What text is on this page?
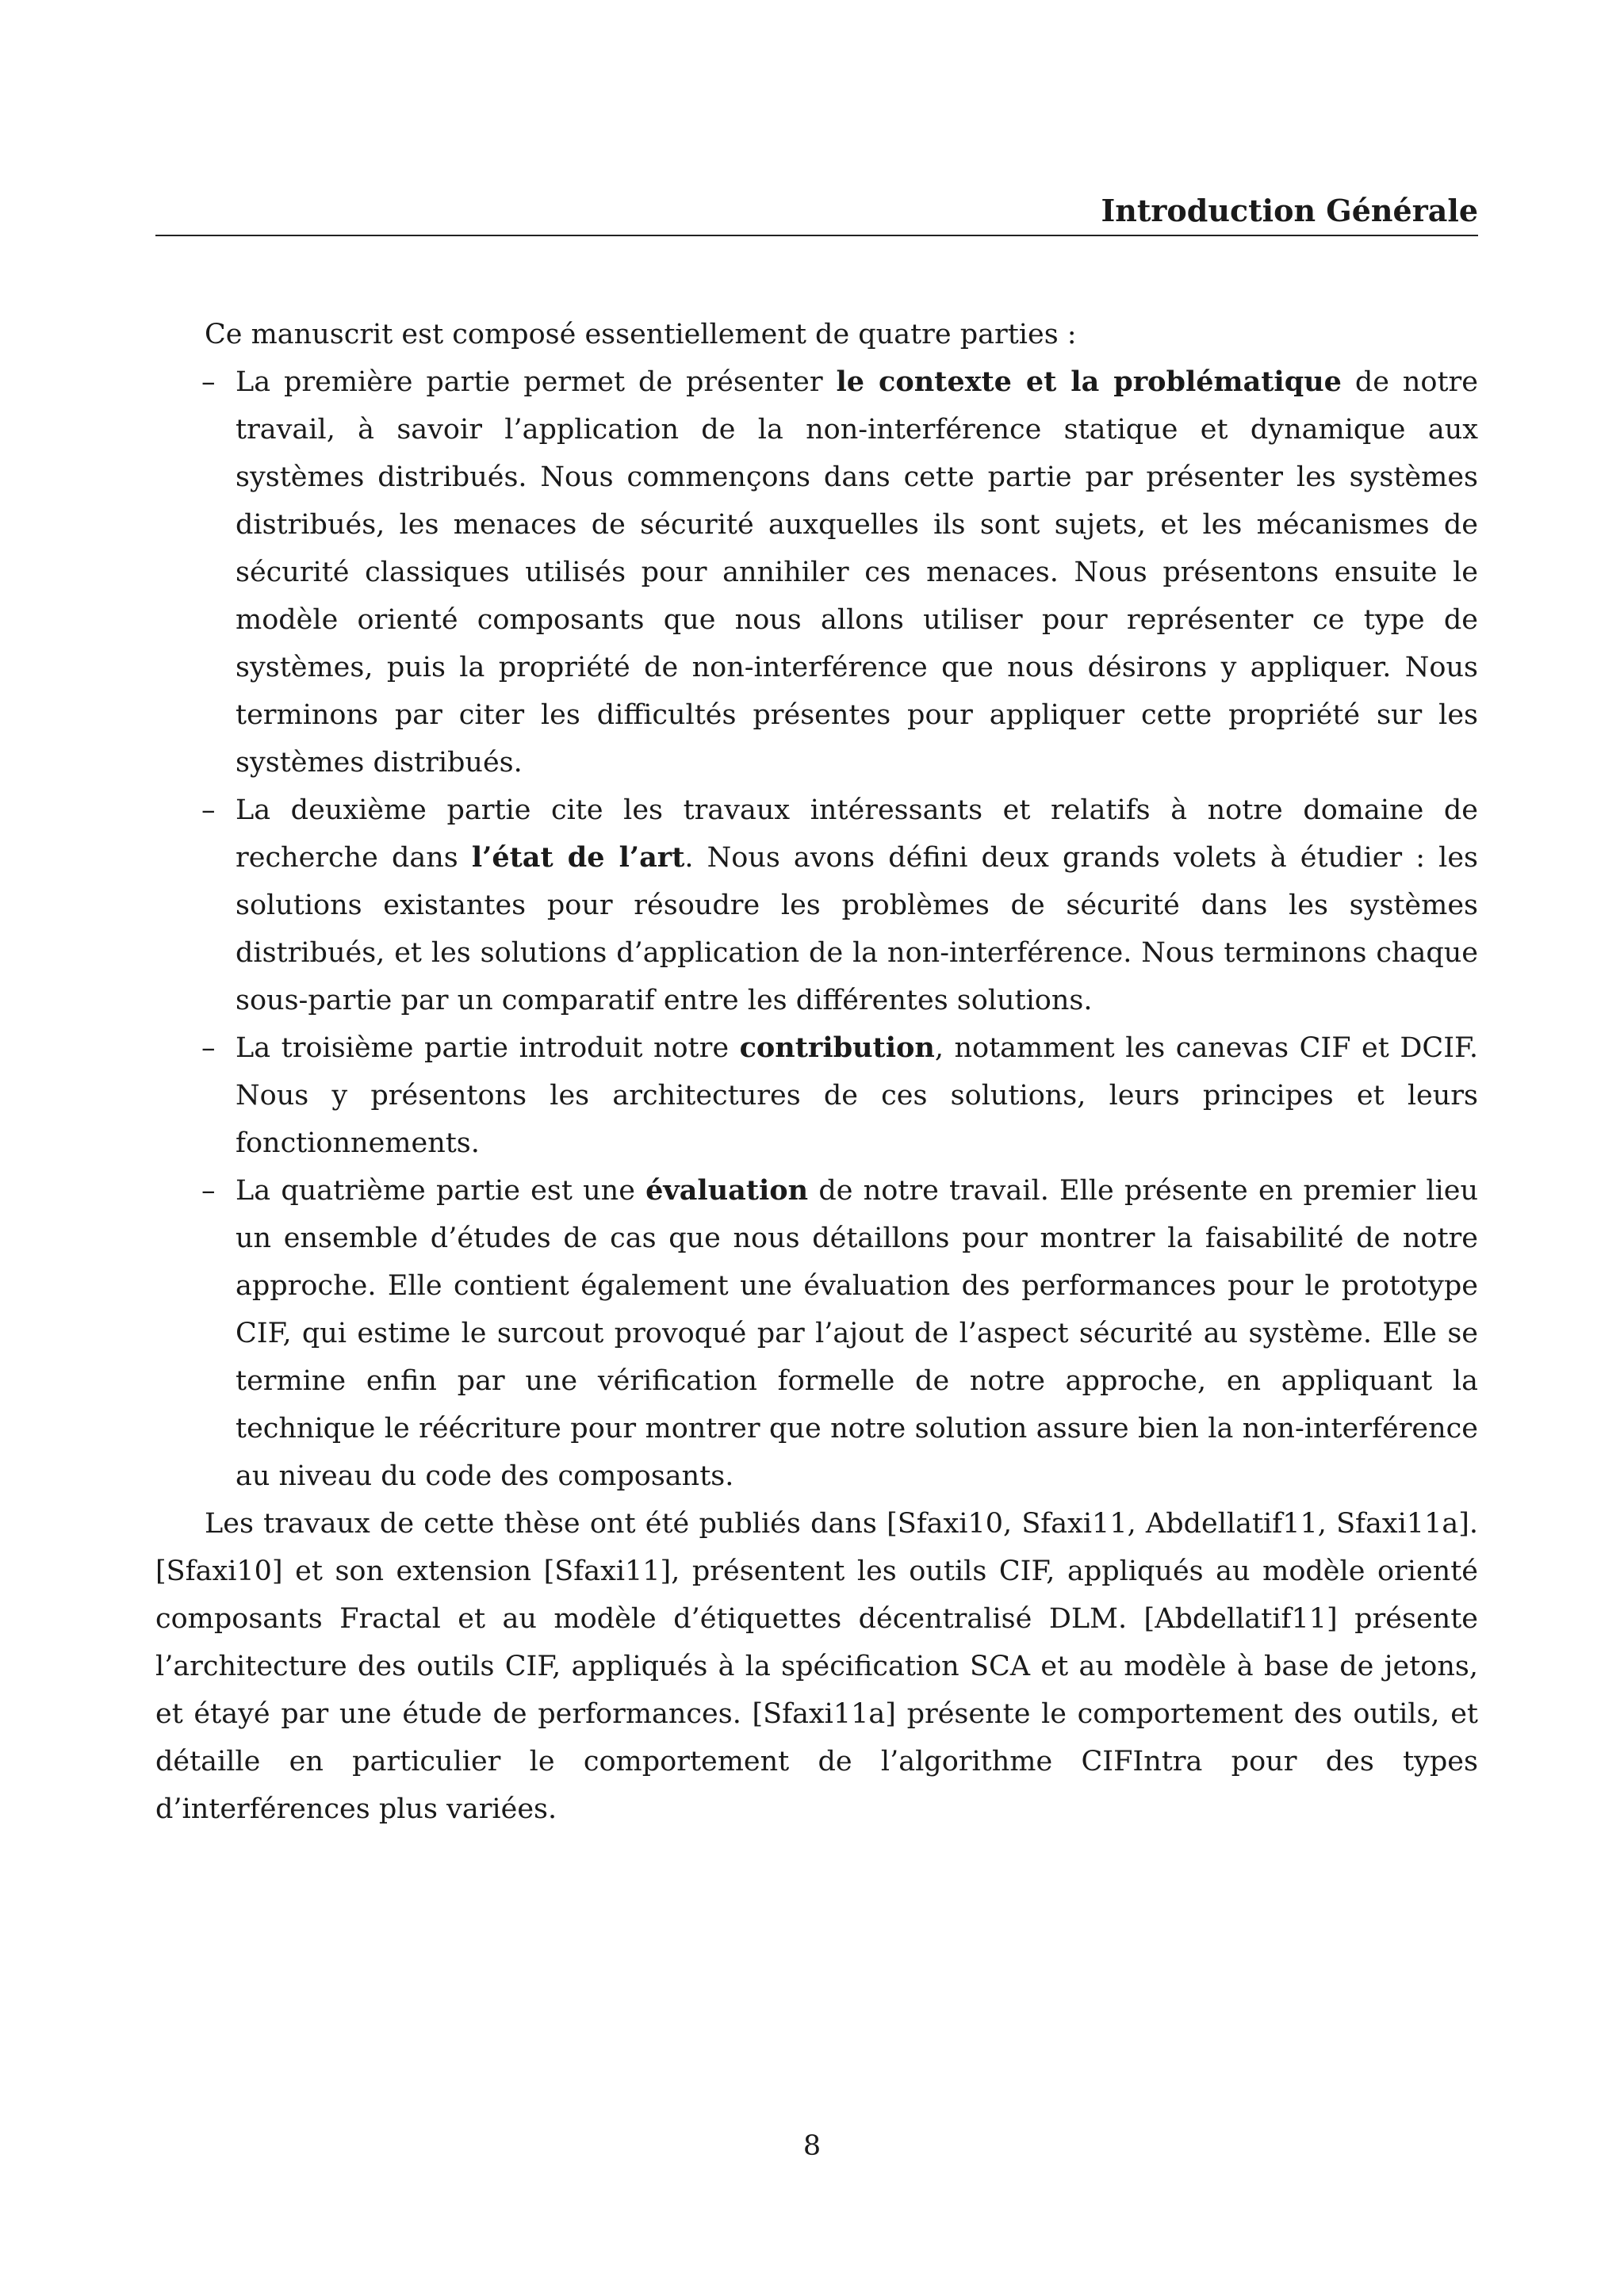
Introduction Générale

Ce manuscrit est composé essentiellement de quatre parties :

– La première partie permet de présenter le contexte et la problématique de notre travail, à savoir l’application de la non-interférence statique et dynamique aux systèmes distribués. Nous commençons dans cette partie par présenter les systèmes distribués, les menaces de sécurité auxquelles ils sont sujets, et les mécanismes de sécurité classiques utilisés pour annihiler ces menaces. Nous présentons ensuite le modèle orienté composants que nous allons utiliser pour représenter ce type de systèmes, puis la propriété de non-interférence que nous désirons y appliquer. Nous terminons par citer les difficultés présentes pour appliquer cette propriété sur les systèmes distribués.
– La deuxième partie cite les travaux intéressants et relatifs à notre domaine de recherche dans l’état de l’art. Nous avons défini deux grands volets à étudier : les solutions existantes pour résoudre les problèmes de sécurité dans les systèmes distribués, et les solutions d’application de la non-interférence. Nous terminons chaque sous-partie par un comparatif entre les différentes solutions.
– La troisième partie introduit notre contribution, notamment les canevas CIF et DCIF. Nous y présentons les architectures de ces solutions, leurs principes et leurs fonctionnements.
– La quatrième partie est une évaluation de notre travail. Elle présente en premier lieu un ensemble d’études de cas que nous détaillons pour montrer la faisabilité de notre approche. Elle contient également une évaluation des performances pour le prototype CIF, qui estime le surcout provoqué par l’ajout de l’aspect sécurité au système. Elle se termine enfin par une vérification formelle de notre approche, en appliquant la technique le réécriture pour montrer que notre solution assure bien la non-interférence au niveau du code des composants.

Les travaux de cette thèse ont été publiés dans [Sfaxi10, Sfaxi11, Abdellatif11, Sfaxi11a]. [Sfaxi10] et son extension [Sfaxi11], présentent les outils CIF, appliqués au modèle orienté composants Fractal et au modèle d’étiquettes décentralisé DLM. [Abdellatif11] présente l’architecture des outils CIF, appliqués à la spécification SCA et au modèle à base de jetons, et étayé par une étude de performances. [Sfaxi11a] présente le comportement des outils, et détaille en particulier le comportement de l’algorithme CIFIntra pour des types d’interférences plus variées.

8
